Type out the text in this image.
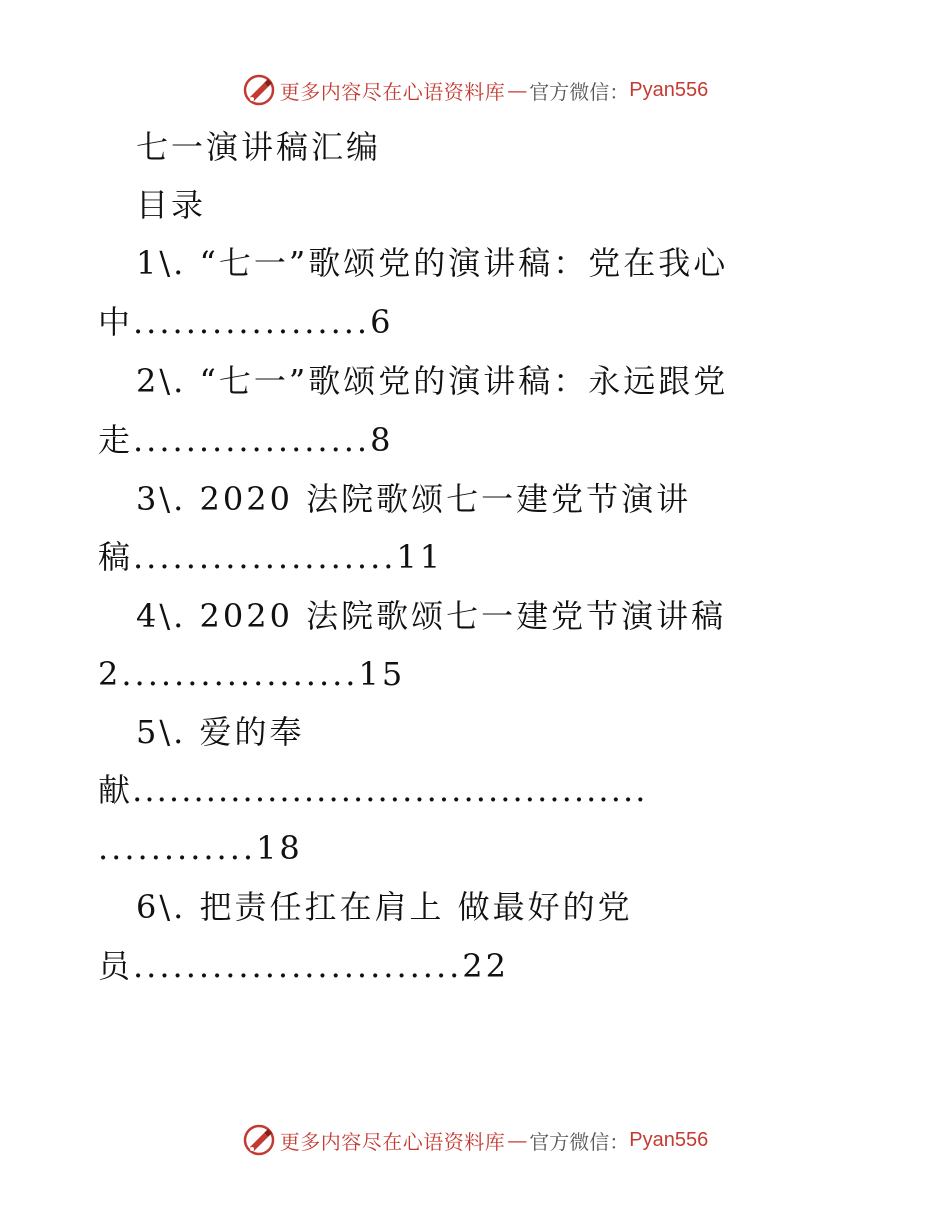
更多内容尽在心语资料库 — 官方微信： Pyan556
七一演讲稿汇编
目录
1\. “七一”歌颂党的演讲稿：党在我心
中..................6
2\. “七一”歌颂党的演讲稿：永远跟党
走..................8
3\. 2020 法院歌颂七一建党节演讲
稿....................11
4\. 2020 法院歌颂七一建党节演讲稿
2..................15
5\. 爱的奉
献..........................................
............18
6\. 把责任扛在肩上 做最好的党
员.........................22
更多内容尽在心语资料库 — 官方微信： Pyan556
